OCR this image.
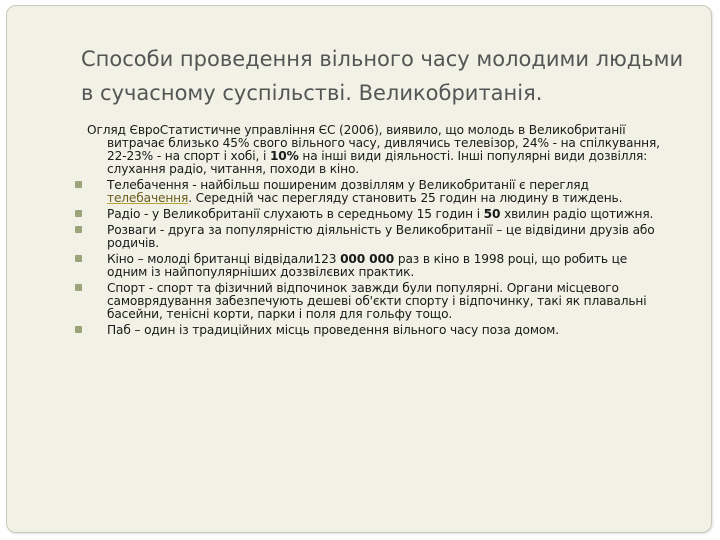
Способи проведення вільного часу молодими людьми в сучасному суспільстві. Великобританія.

Огляд ЄвроСтатистичне управління ЄС (2006), виявило, що молодь в Великобританії витрачає близько 45% свого вільного часу, дивлячись телевізор, 24% - на спілкування, 22-23% - на спорт і хобі, і 10% на інші види діяльності. Інші популярні види дозвілля: слухання радіо, читання, походи в кіно.

Телебачення - найбільш поширеним дозвіллям у Великобританії є перегляд телебачення. Середній час перегляду становить 25 годин на людину в тиждень.
Радіо - у Великобританії слухають в середньому 15 годин і 50 хвилин радіо щотижня.
Розваги - друга за популярністю діяльність у Великобританії – це відвідини друзів або родичів.
Кіно – молоді британці відвідали123 000 000 раз в кіно в 1998 році, що робить це одним із найпопулярніших доззвілєвих практик.
Спорт - спорт та фізичний відпочинок завжди були популярні. Органи місцевого самоврядування забезпечують дешеві об'єкти спорту і відпочинку, такі як плавальні басейни, тенісні корти, парки і поля для гольфу тощо.
Паб – один із традиційних місць проведення вільного часу поза домом.
